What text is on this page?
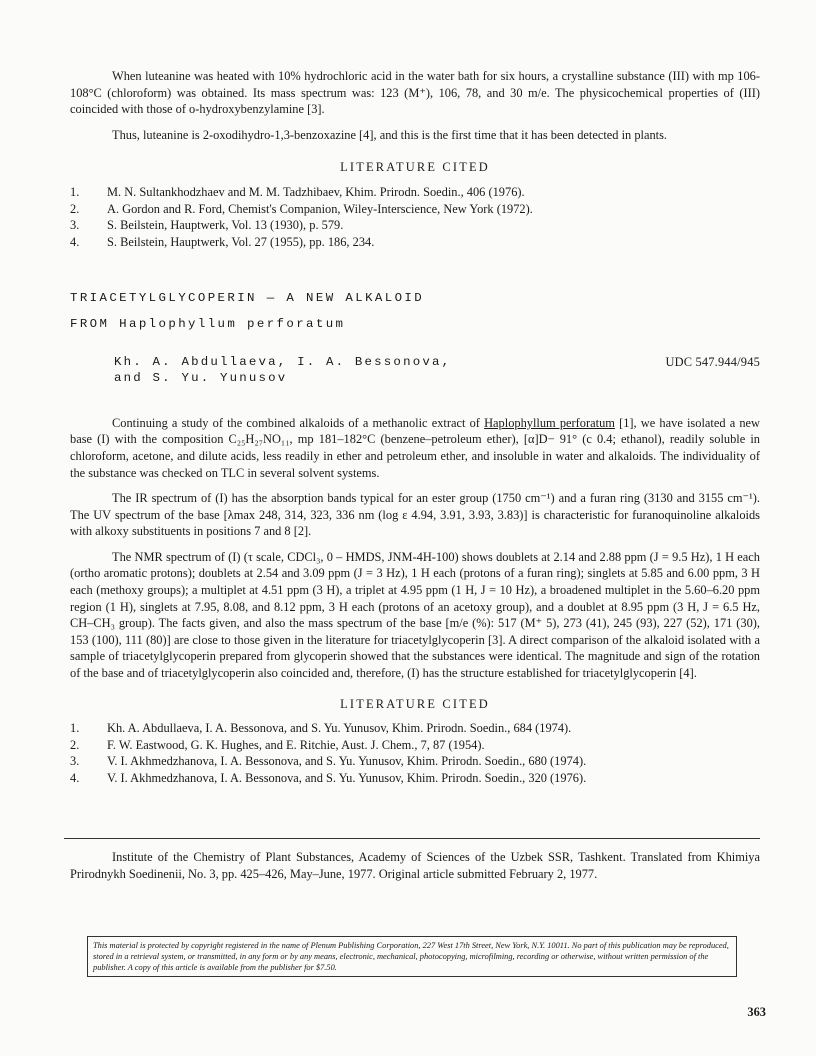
When luteanine was heated with 10% hydrochloric acid in the water bath for six hours, a crystalline substance (III) with mp 106-108°C (chloroform) was obtained. Its mass spectrum was: 123 (M⁺), 106, 78, and 30 m/e. The physicochemical properties of (III) coincided with those of o-hydroxybenzylamine [3].

Thus, luteanine is 2-oxodihydro-1,3-benzoxazine [4], and this is the first time that it has been detected in plants.

LITERATURE CITED
1.	M. N. Sultankhodzhaev and M. M. Tadzhibaev, Khim. Prirodn. Soedin., 406 (1976).
2.	A. Gordon and R. Ford, Chemist's Companion, Wiley-Interscience, New York (1972).
3.	S. Beilstein, Hauptwerk, Vol. 13 (1930), p. 579.
4.	S. Beilstein, Hauptwerk, Vol. 27 (1955), pp. 186, 234.
TRIACETYLGLYCOPERIN — A NEW ALKALOID
FROM Haplophyllum perforatum
Kh. A. Abdullaeva, I. A. Bessonova,
and S. Yu. Yunusov
UDC 547.944/945

Continuing a study of the combined alkaloids of a methanolic extract of Haplophyllum perforatum [1], we have isolated a new base (I) with the composition C₂₅H₂₇NO₁₁, mp 181–182°C (benzene–petroleum ether), [α]D− 91° (c 0.4; ethanol), readily soluble in chloroform, acetone, and dilute acids, less readily in ether and petroleum ether, and insoluble in water and alkaloids. The individuality of the substance was checked on TLC in several solvent systems.

The IR spectrum of (I) has the absorption bands typical for an ester group (1750 cm⁻¹) and a furan ring (3130 and 3155 cm⁻¹). The UV spectrum of the base [λmax 248, 314, 323, 336 nm (log ε 4.94, 3.91, 3.93, 3.83)] is characteristic for furanoquinoline alkaloids with alkoxy substituents in positions 7 and 8 [2].

The NMR spectrum of (I) (τ scale, CDCl₃, 0 – HMDS, JNM-4H-100) shows doublets at 2.14 and 2.88 ppm (J = 9.5 Hz), 1 H each (ortho aromatic protons); doublets at 2.54 and 3.09 ppm (J = 3 Hz), 1 H each (protons of a furan ring); singlets at 5.85 and 6.00 ppm, 3 H each (methoxy groups); a multiplet at 4.51 ppm (3 H), a triplet at 4.95 ppm (1 H, J = 10 Hz), a broadened multiplet in the 5.60–6.20 ppm region (1 H), singlets at 7.95, 8.08, and 8.12 ppm, 3 H each (protons of an acetoxy group), and a doublet at 8.95 ppm (3 H, J = 6.5 Hz, CH–CH₃ group). The facts given, and also the mass spectrum of the base [m/e (%): 517 (M⁺ 5), 273 (41), 245 (93), 227 (52), 171 (30), 153 (100), 111 (80)] are close to those given in the literature for triacetylglycoperin [3]. A direct comparison of the alkaloid isolated with a sample of triacetylglycoperin prepared from glycoperin showed that the substances were identical. The magnitude and sign of the rotation of the base and of triacetylglycoperin also coincided and, therefore, (I) has the structure established for triacetylglycoperin [4].

LITERATURE CITED
1.	Kh. A. Abdullaeva, I. A. Bessonova, and S. Yu. Yunusov, Khim. Prirodn. Soedin., 684 (1974).
2.	F. W. Eastwood, G. K. Hughes, and E. Ritchie, Aust. J. Chem., 7, 87 (1954).
3.	V. I. Akhmedzhanova, I. A. Bessonova, and S. Yu. Yunusov, Khim. Prirodn. Soedin., 680 (1974).
4.	V. I. Akhmedzhanova, I. A. Bessonova, and S. Yu. Yunusov, Khim. Prirodn. Soedin., 320 (1976).

Institute of the Chemistry of Plant Substances, Academy of Sciences of the Uzbek SSR, Tashkent. Translated from Khimiya Prirodnykh Soedinenii, No. 3, pp. 425–426, May–June, 1977. Original article submitted February 2, 1977.

This material is protected by copyright registered in the name of Plenum Publishing Corporation, 227 West 17th Street, New York, N.Y. 10011. No part of this publication may be reproduced, stored in a retrieval system, or transmitted, in any form or by any means, electronic, mechanical, photocopying, microfilming, recording or otherwise, without written permission of the publisher. A copy of this article is available from the publisher for $7.50.
363
